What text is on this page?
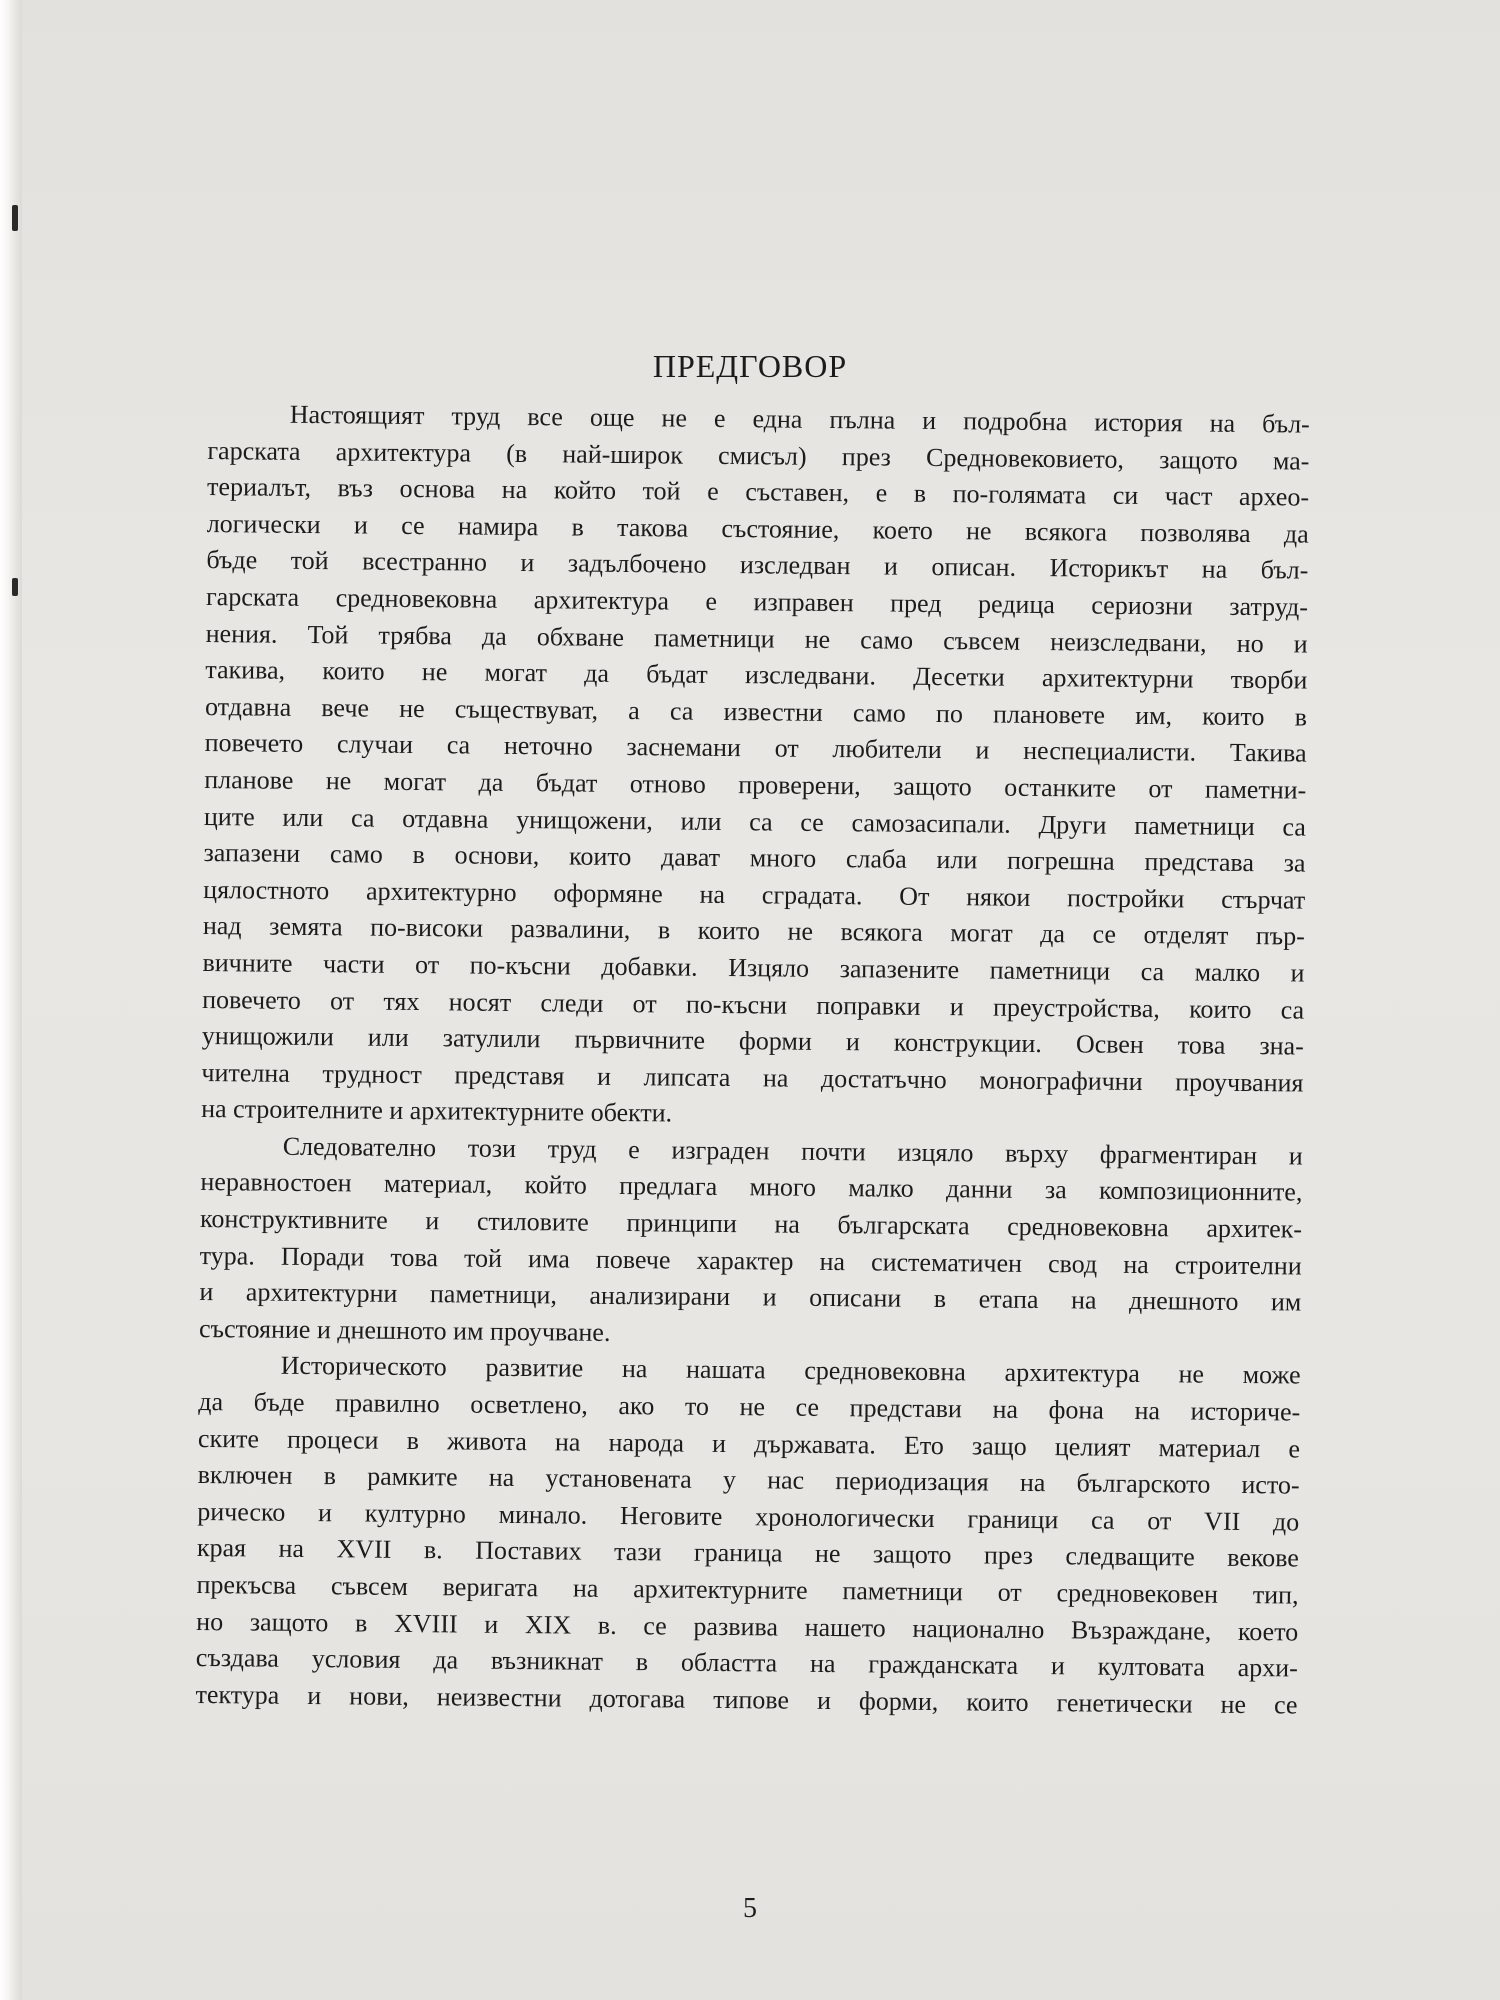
ПРЕДГОВОР

Настоящият труд все още не е една пълна и подробна история на бъл-
гарската архитектура (в най-широк смисъл) през Средновековието, защото ма-
териалът, въз основа на който той е съставен, е в по-голямата си част архео-
логически и се намира в такова състояние, което не всякога позволява да
бъде той всестранно и задълбочено изследван и описан. Историкът на бъл-
гарската средновековна архитектура е изправен пред редица сериозни затруд-
нения. Той трябва да обхване паметници не само съвсем неизследвани, но и
такива, които не могат да бъдат изследвани. Десетки архитектурни творби
отдавна вече не съществуват, а са известни само по плановете им, които в
повечето случаи са неточно заснемани от любители и неспециалисти. Такива
планове не могат да бъдат отново проверени, защото останките от паметни-
ците или са отдавна унищожени, или са се самозасипали. Други паметници са
запазени само в основи, които дават много слаба или погрешна представа за
цялостното архитектурно оформяне на сградата. От някои постройки стърчат
над земята по-високи развалини, в които не всякога могат да се отделят пър-
вичните части от по-късни добавки. Изцяло запазените паметници са малко и
повечето от тях носят следи от по-късни поправки и преустройства, които са
унищожили или затулили първичните форми и конструкции. Освен това зна-
чителна трудност представя и липсата на достатъчно монографични проучвания
на строителните и архитектурните обекти.

Следователно този труд е изграден почти изцяло върху фрагментиран и
неравностоен материал, който предлага много малко данни за композиционните,
конструктивните и стиловите принципи на българската средновековна архитек-
тура. Поради това той има повече характер на систематичен свод на строителни
и архитектурни паметници, анализирани и описани в етапа на днешното им
състояние и днешното им проучване.

Историческото развитие на нашата средновековна архитектура не може
да бъде правилно осветлено, ако то не се представи на фона на историче-
ските процеси в живота на народа и държавата. Ето защо целият материал е
включен в рамките на установената у нас периодизация на българското исто-
рическо и културно минало. Неговите хронологически граници са от VII до
края на XVII в. Поставих тази граница не защото през следващите векове
прекъсва съвсем веригата на архитектурните паметници от средновековен тип,
но защото в XVIII и XIX в. се развива нашето национално Възраждане, което
създава условия да възникнат в областта на гражданската и култовата архи-
тектура и нови, неизвестни дотогава типове и форми, които генетически не се

5
